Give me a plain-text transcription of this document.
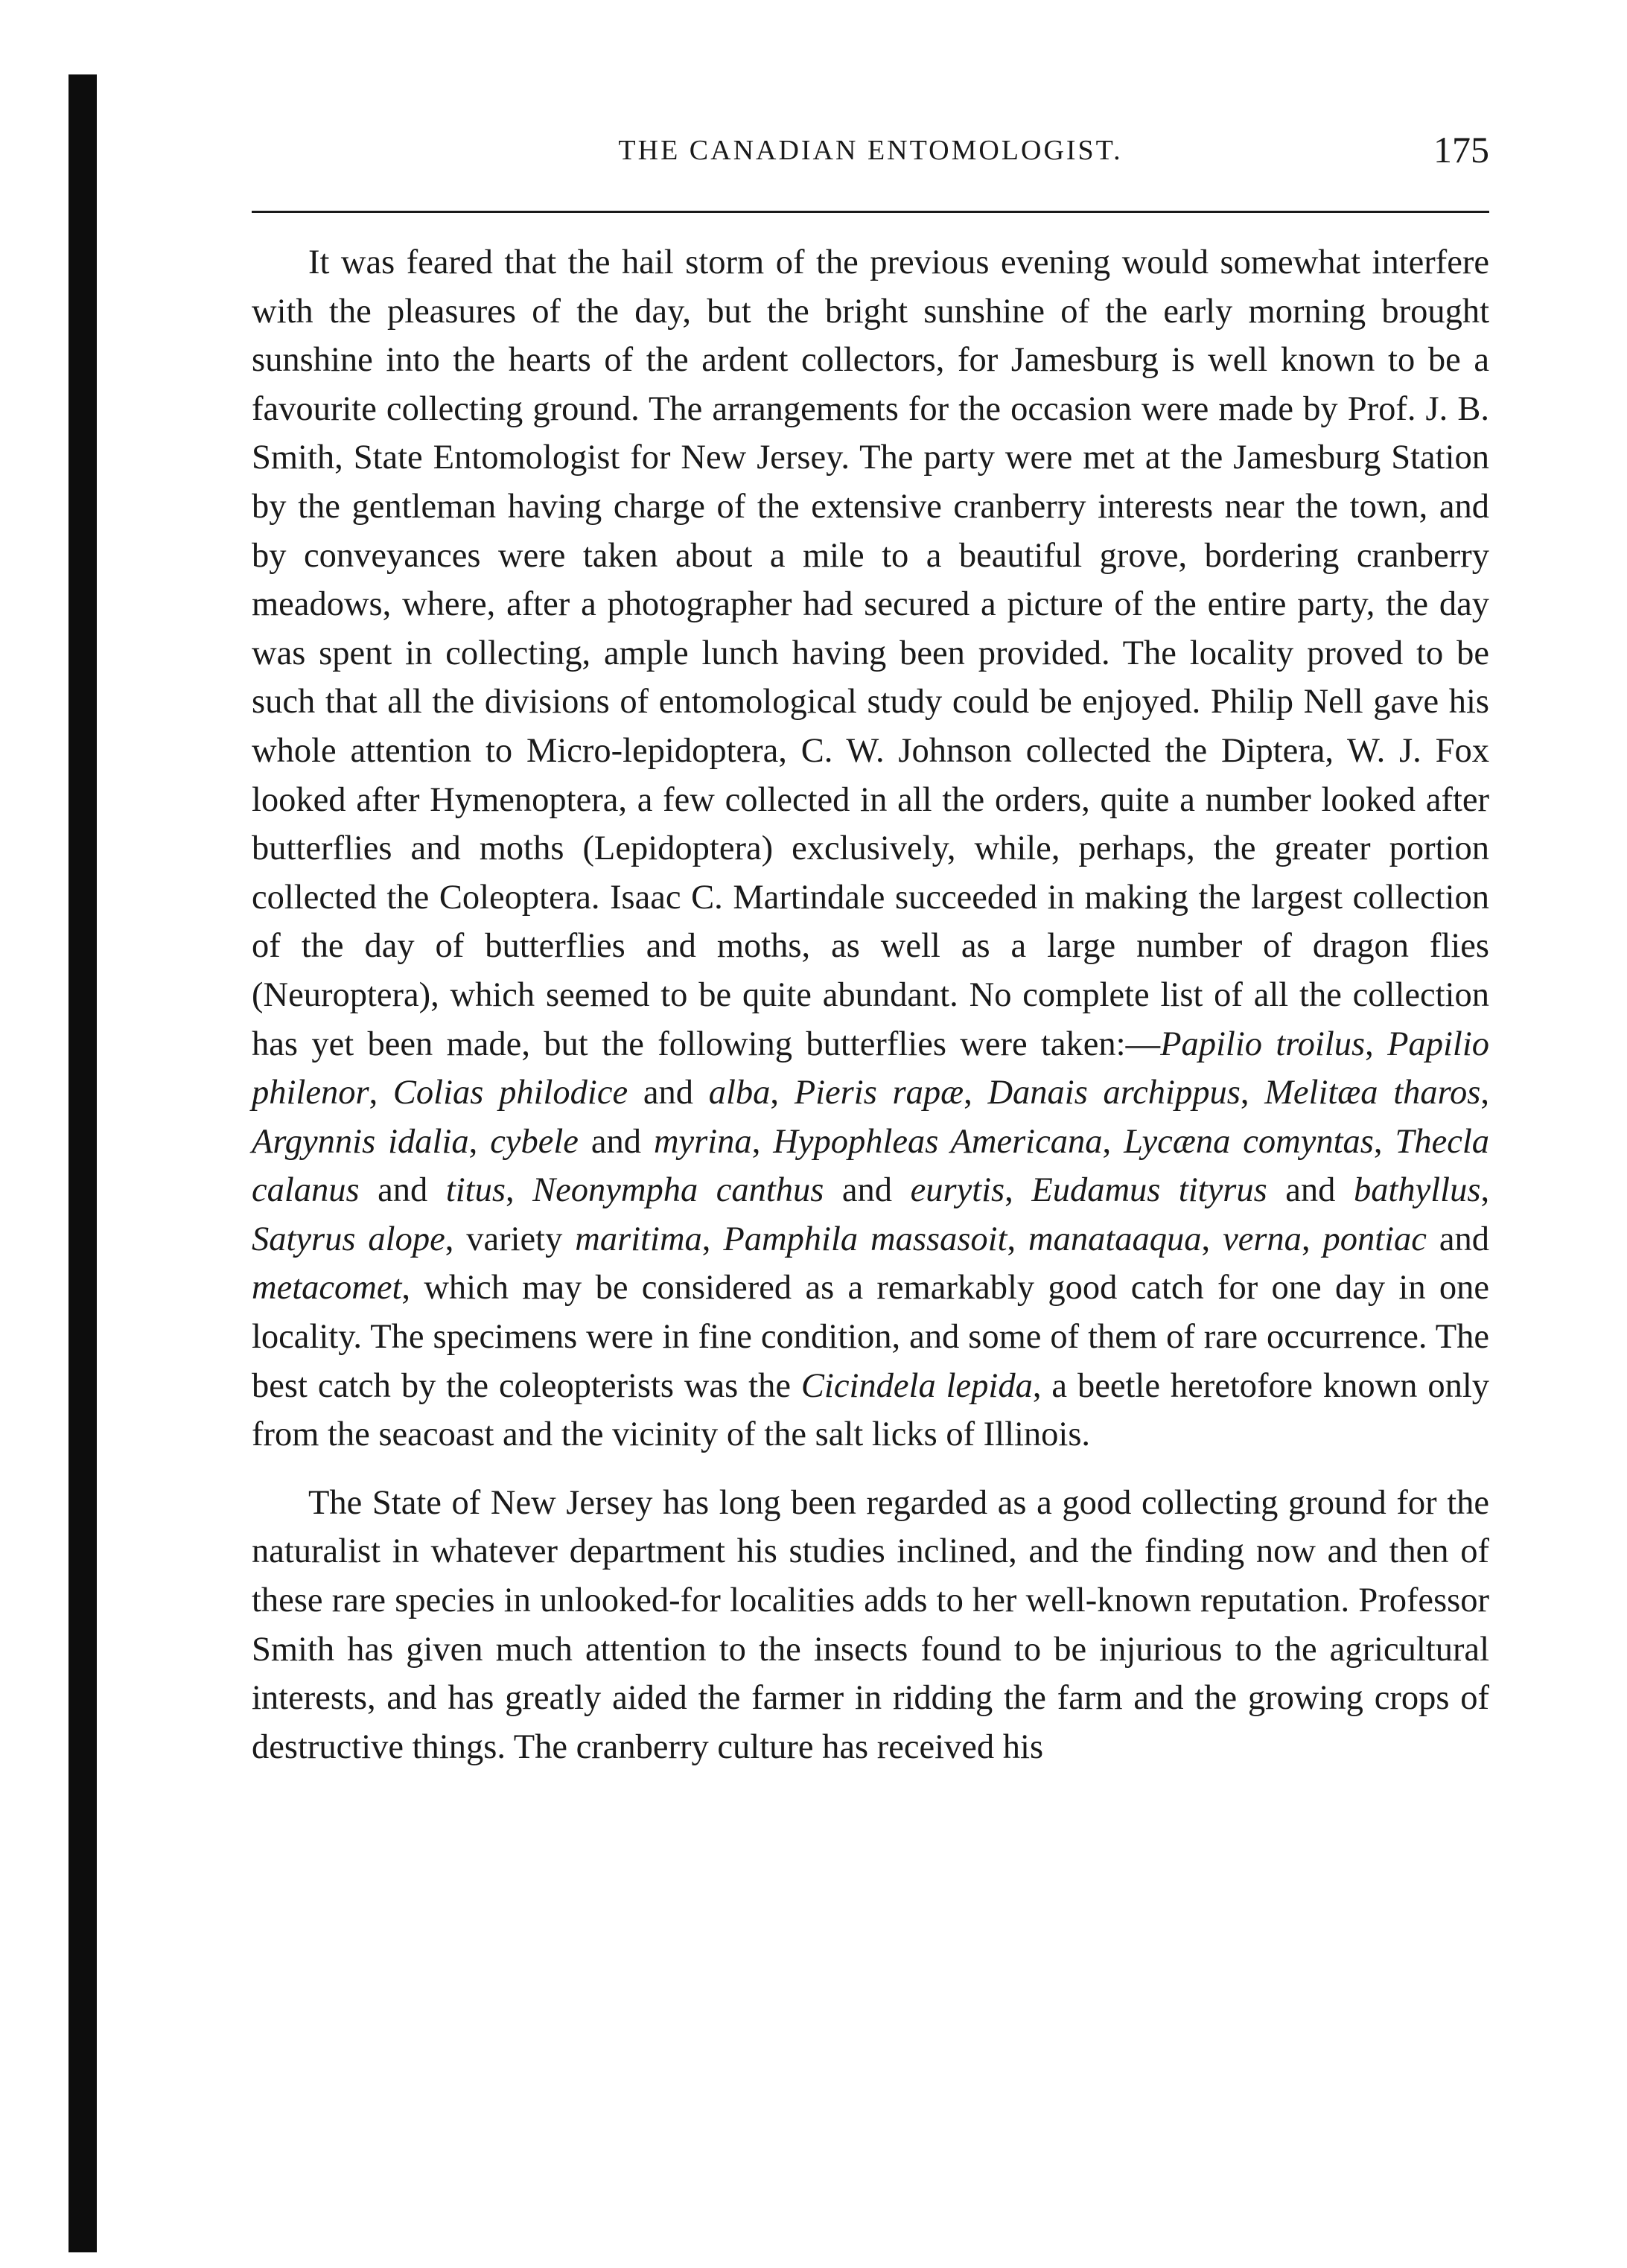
THE CANADIAN ENTOMOLOGIST.	175

It was feared that the hail storm of the previous evening would somewhat interfere with the pleasures of the day, but the bright sunshine of the early morning brought sunshine into the hearts of the ardent collectors, for Jamesburg is well known to be a favourite collecting ground. The arrangements for the occasion were made by Prof. J. B. Smith, State Entomologist for New Jersey. The party were met at the Jamesburg Station by the gentleman having charge of the extensive cranberry interests near the town, and by conveyances were taken about a mile to a beautiful grove, bordering cranberry meadows, where, after a photographer had secured a picture of the entire party, the day was spent in collecting, ample lunch having been provided. The locality proved to be such that all the divisions of entomological study could be enjoyed. Philip Nell gave his whole attention to Micro-lepidoptera, C. W. Johnson collected the Diptera, W. J. Fox looked after Hymenoptera, a few collected in all the orders, quite a number looked after butterflies and moths (Lepidoptera) exclusively, while, perhaps, the greater portion collected the Coleoptera. Isaac C. Martindale succeeded in making the largest collection of the day of butterflies and moths, as well as a large number of dragon flies (Neuroptera), which seemed to be quite abundant. No complete list of all the collection has yet been made, but the following butterflies were taken:—Papilio troilus, Papilio philenor, Colias philodice and alba, Pieris rapæ, Danais archippus, Melitæa tharos, Argynnis idalia, cybele and myrina, Hypophleas Americana, Lycæna comyntas, Thecla calanus and titus, Neonympha canthus and eurytis, Eudamus tityrus and bathyllus, Satyrus alope, variety maritima, Pamphila massasoit, manataaqua, verna, pontiac and metacomet, which may be considered as a remarkably good catch for one day in one locality. The specimens were in fine condition, and some of them of rare occurrence. The best catch by the coleopterists was the Cicindela lepida, a beetle heretofore known only from the seacoast and the vicinity of the salt licks of Illinois.

The State of New Jersey has long been regarded as a good collecting ground for the naturalist in whatever department his studies inclined, and the finding now and then of these rare species in unlooked-for localities adds to her well-known reputation. Professor Smith has given much attention to the insects found to be injurious to the agricultural interests, and has greatly aided the farmer in ridding the farm and the growing crops of destructive things. The cranberry culture has received his
